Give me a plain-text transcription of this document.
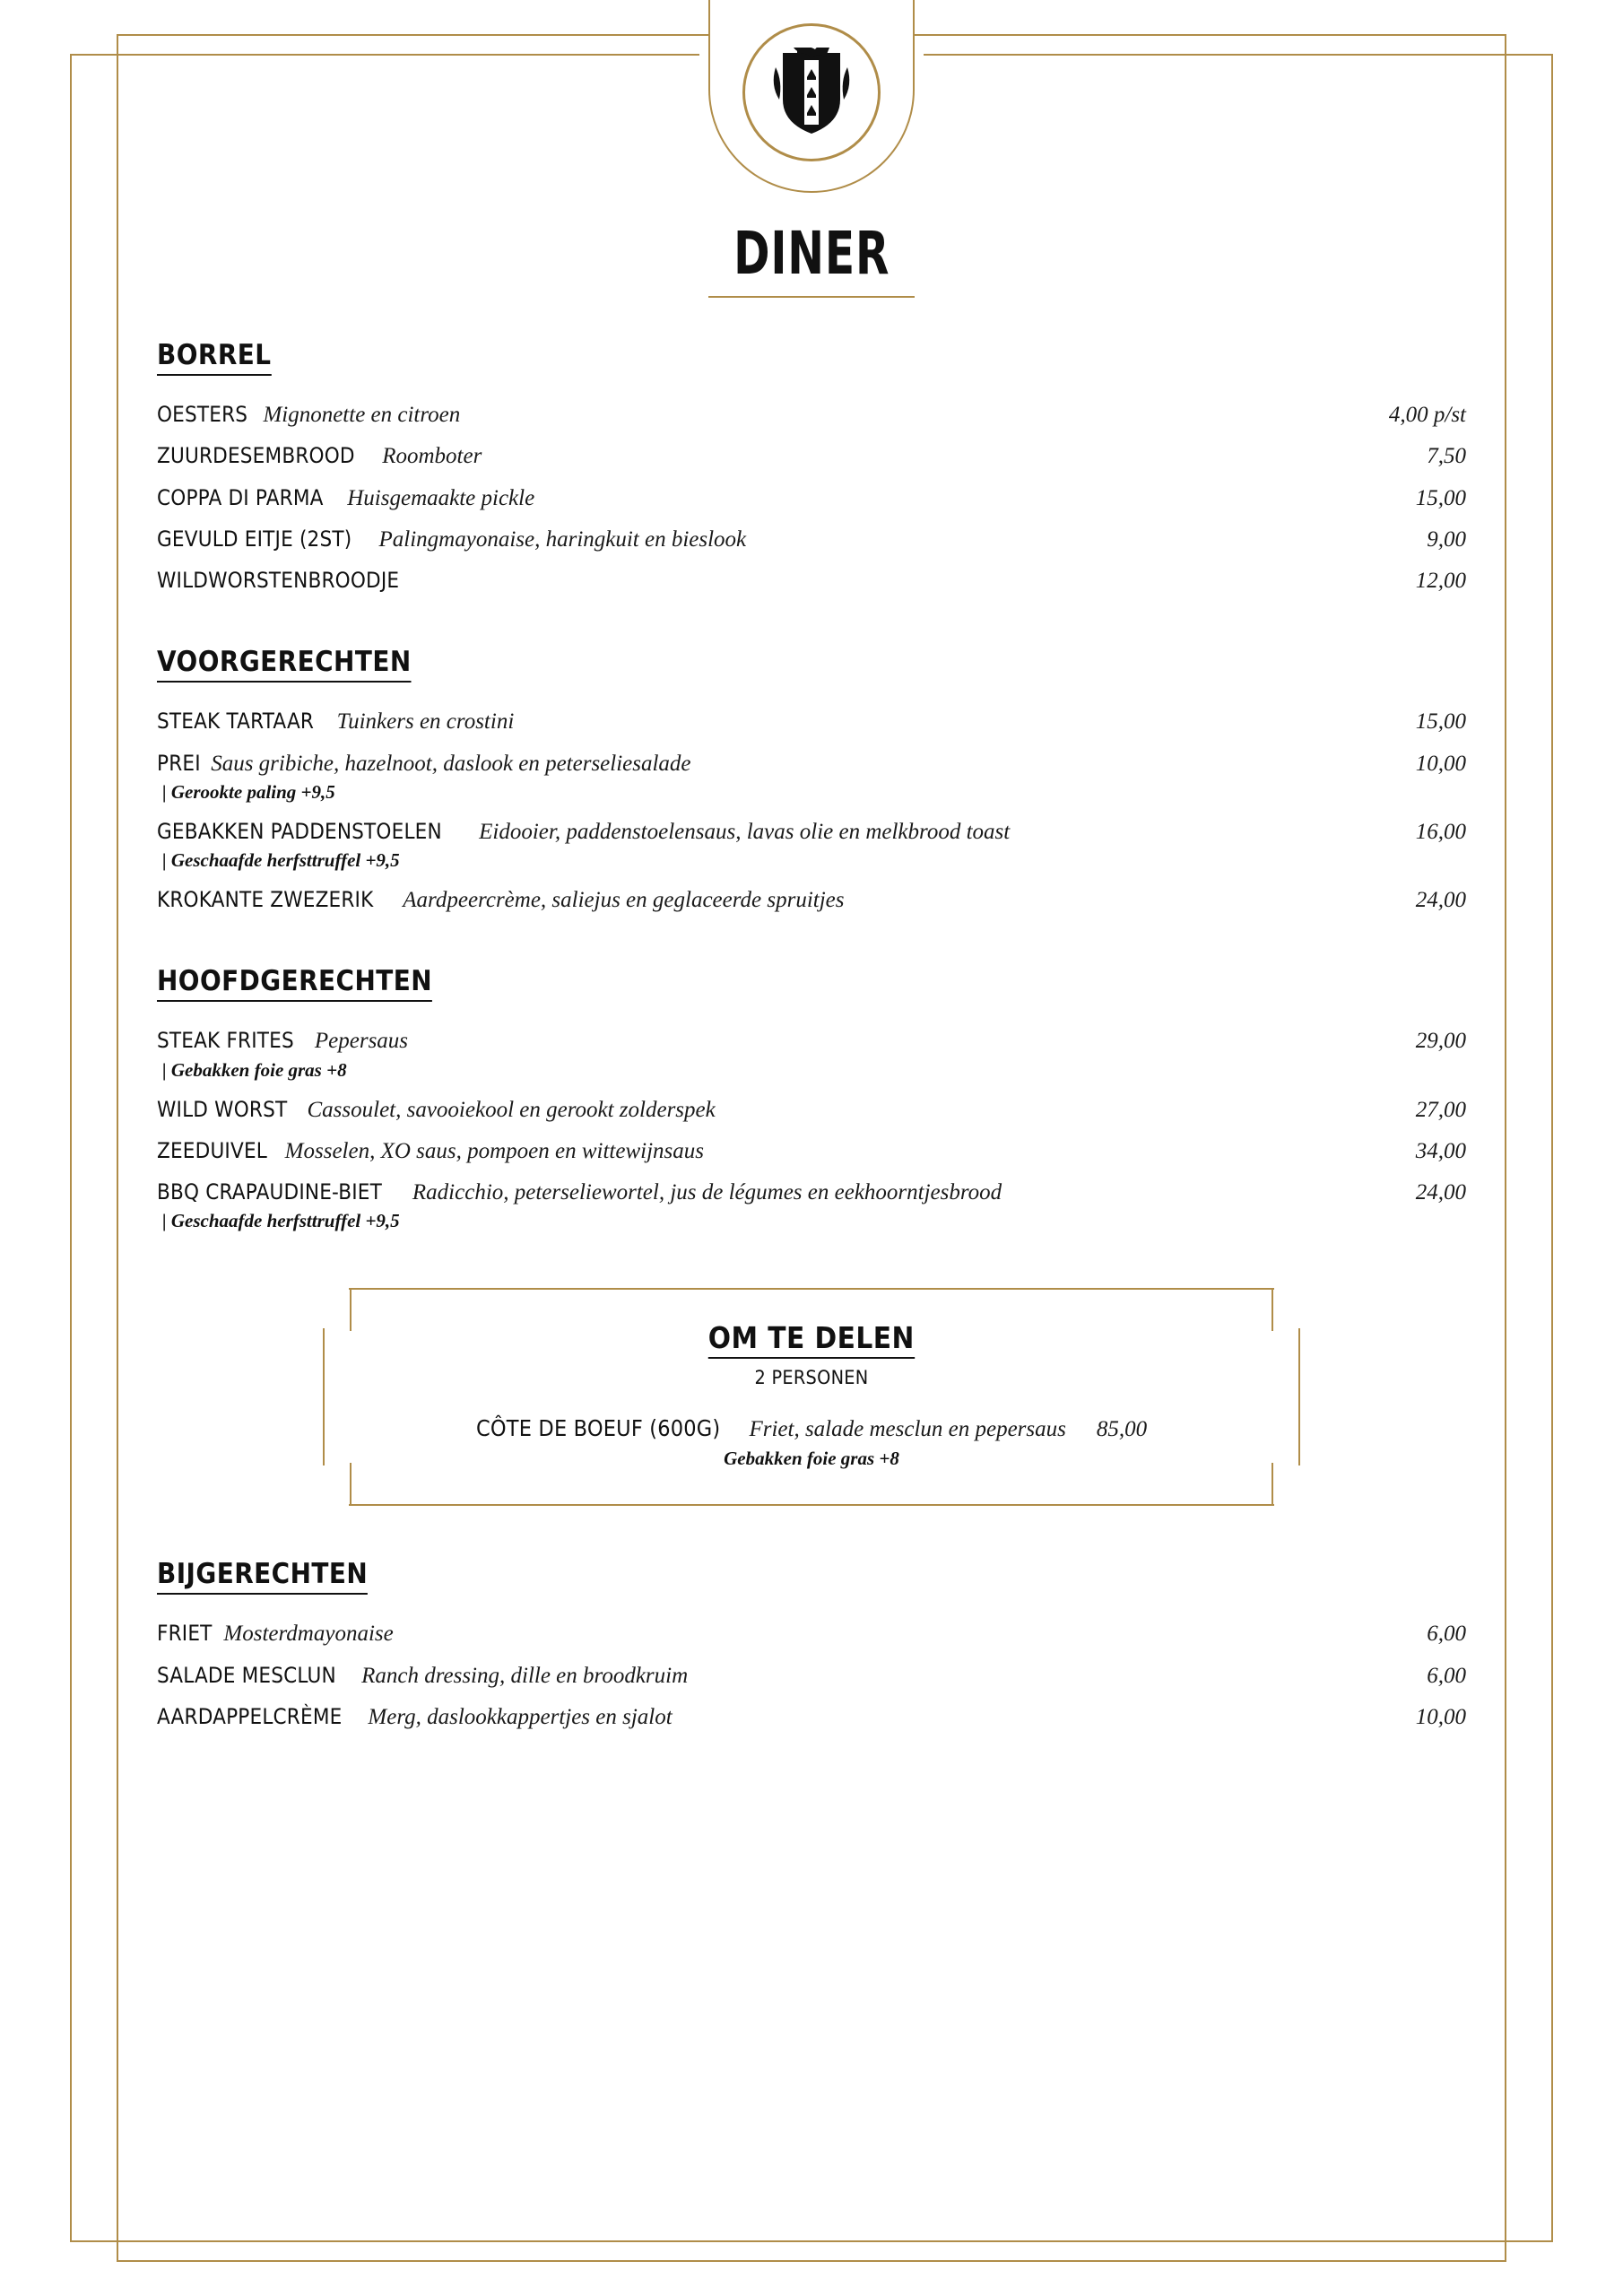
DINER
BORREL
OESTERS Mignonette en citroen	4,00 p/st
ZUURDESEMBROOD Roomboter	7,50
COPPA DI PARMA Huisgemaakte pickle	15,00
GEVULD EITJE (2ST) Palingmayonaise, haringkuit en bieslook	9,00
WILDWORSTENBROODJE	12,00
VOORGERECHTEN
STEAK TARTAAR Tuinkers en crostini	15,00
PREI Saus gribiche, hazelnoot, daslook en peterseliesalade	10,00
| Gerookte paling +9,5
GEBAKKEN PADDENSTOELEN Eidooier, paddenstoelensaus, lavas olie en melkbrood toast	16,00
| Geschaafde herfsttruffel +9,5
KROKANTE ZWEZERIK Aardpeercrème, saliejus en geglaceerde spruitjes	24,00
HOOFDGERECHTEN
STEAK FRITES Pepersaus	29,00
| Gebakken foie gras +8
WILD WORST Cassoulet, savooiekool en gerookt zolderspek	27,00
ZEEDUIVEL Mosselen, XO saus, pompoen en wittewijnsaus	34,00
BBQ CRAPAUDINE-BIET Radicchio, peterseliewortel, jus de légumes en eekhoorntjesbrood	24,00
| Geschaafde herfsttruffel +9,5
OM TE DELEN
2 PERSONEN
CÔTE DE BOEUF (600G) Friet, salade mesclun en pepersaus 85,00
Gebakken foie gras +8
BIJGERECHTEN
FRIET Mosterdmayonaise	6,00
SALADE MESCLUN Ranch dressing, dille en broodkruim	6,00
AARDAPPELCRÈME Merg, daslookkappertjes en sjalot	10,00
